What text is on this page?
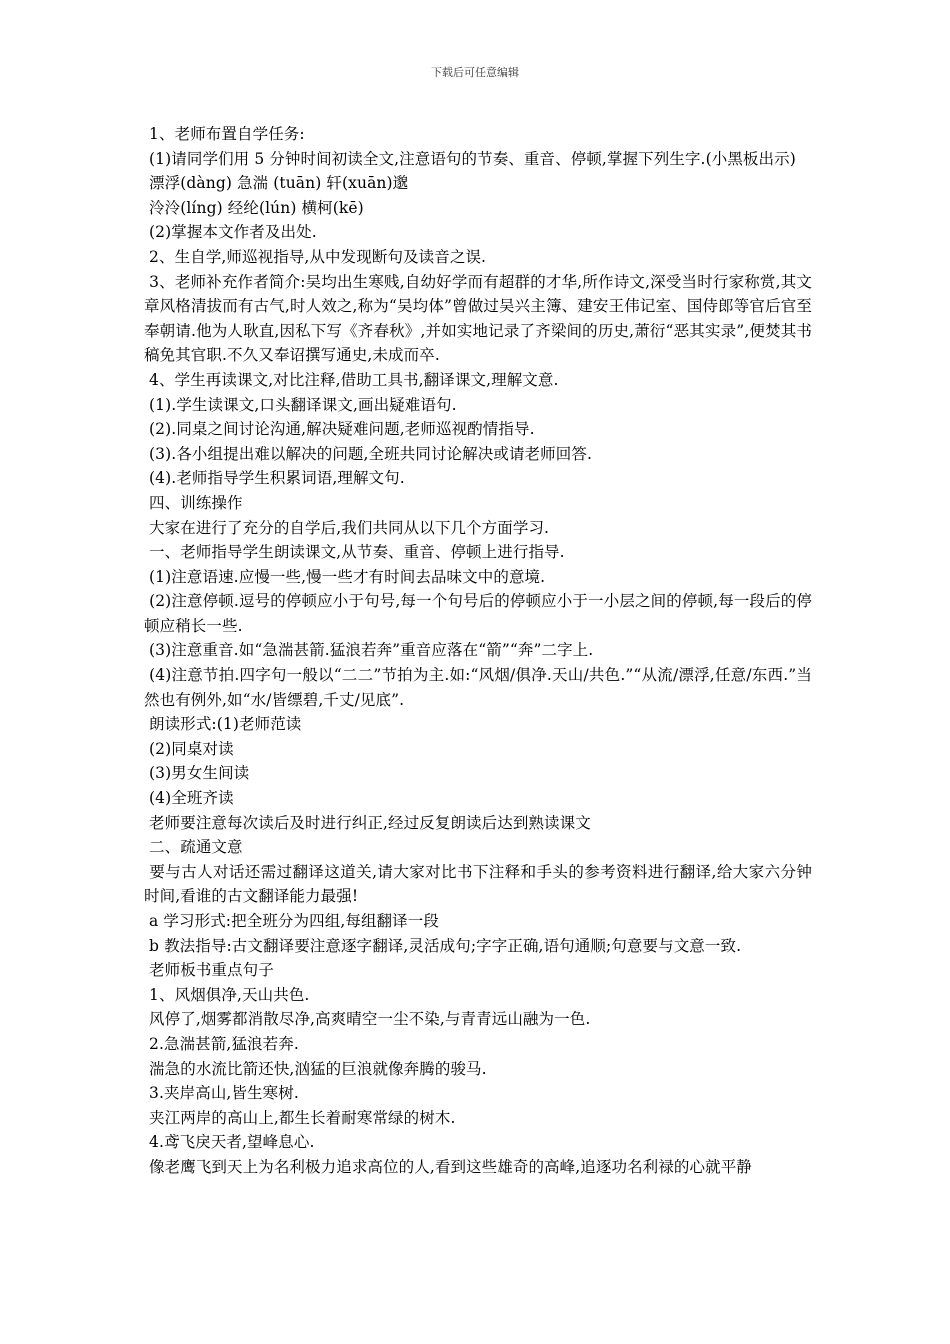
下载后可任意编辑

1、老师布置自学任务:

(1)请同学们用 5 分钟时间初读全文,注意语句的节奏、重音、停顿,掌握下列生字.(小黑板出示)

漂浮(dàng) 急湍 (tuān) 轩(xuān)邈

泠泠(líng) 经纶(lún) 横柯(kē)

(2)掌握本文作者及出处.

2、生自学,师巡视指导,从中发现断句及读音之误.

3、老师补充作者简介:吴均出生寒贱,自幼好学而有超群的才华,所作诗文,深受当时行家称赏,其文章风格清拔而有古气,时人效之,称为“吴均体”曾做过吴兴主簿、建安王伟记室、国侍郎等官后官至奉朝请.他为人耿直,因私下写《齐春秋》,并如实地记录了齐梁间的历史,萧衍“恶其实录”,便焚其书稿免其官职.不久又奉诏撰写通史,未成而卒.

4、学生再读课文,对比注释,借助工具书,翻译课文,理解文意.

(1).学生读课文,口头翻译课文,画出疑难语句.

(2).同桌之间讨论沟通,解决疑难问题,老师巡视酌情指导.

(3).各小组提出难以解决的问题,全班共同讨论解决或请老师回答.

(4).老师指导学生积累词语,理解文句.

四、训练操作

大家在进行了充分的自学后,我们共同从以下几个方面学习.

一、老师指导学生朗读课文,从节奏、重音、停顿上进行指导.

(1)注意语速.应慢一些,慢一些才有时间去品味文中的意境.

(2)注意停顿.逗号的停顿应小于句号,每一个句号后的停顿应小于一小层之间的停顿,每一段后的停顿应稍长一些.

(3)注意重音.如“急湍甚箭.猛浪若奔”重音应落在“箭”“奔”二字上.

(4)注意节拍.四字句一般以“二二”节拍为主.如:“风烟/俱净.天山/共色.”“从流/漂浮,任意/东西.”当然也有例外,如“水/皆缥碧,千丈/见底”.

朗读形式:(1)老师范读

(2)同桌对读

(3)男女生间读

(4)全班齐读

老师要注意每次读后及时进行纠正,经过反复朗读后达到熟读课文

二、疏通文意

要与古人对话还需过翻译这道关,请大家对比书下注释和手头的参考资料进行翻译,给大家六分钟时间,看谁的古文翻译能力最强!

a 学习形式:把全班分为四组,每组翻译一段

b 教法指导:古文翻译要注意逐字翻译,灵活成句;字字正确,语句通顺;句意要与文意一致.

老师板书重点句子

1、风烟俱净,天山共色.

风停了,烟雾都消散尽净,高爽晴空一尘不染,与青青远山融为一色.

2.急湍甚箭,猛浪若奔.

湍急的水流比箭还快,汹猛的巨浪就像奔腾的骏马.

3.夹岸高山,皆生寒树.

夹江两岸的高山上,都生长着耐寒常绿的树木.

4.鸢飞戾天者,望峰息心.

像老鹰飞到天上为名利极力追求高位的人,看到这些雄奇的高峰,追逐功名利禄的心就平静
